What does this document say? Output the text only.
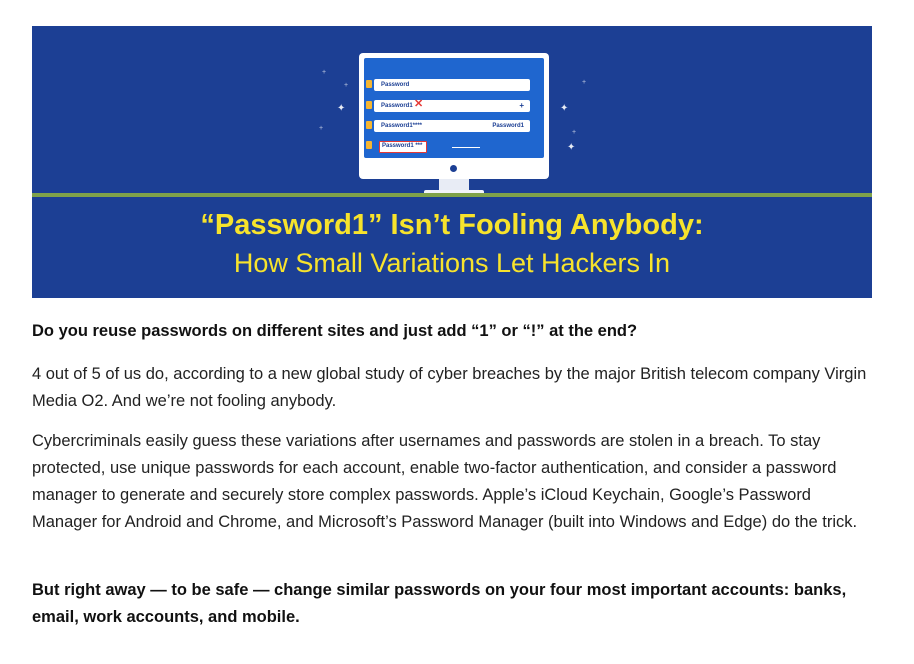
✦
+
+
+
✦
+
+
✦
Password
Password1 ✕	+
Password1****	Password1
Password1 ***
“Password1” Isn’t Fooling Anybody:
How Small Variations Let Hackers In

Do you reuse passwords on different sites and just add “1” or “!” at the end?

4 out of 5 of us do, according to a new global study of cyber breaches by the major British telecom company Virgin Media O2. And we’re not fooling anybody.

Cybercriminals easily guess these variations after usernames and passwords are stolen in a breach. To stay protected, use unique passwords for each account, enable two-factor authentication, and consider a password manager to generate and securely store complex passwords. Apple’s iCloud Keychain, Google’s Password Manager for Android and Chrome, and Microsoft’s Password Manager (built into Windows and Edge) do the trick.

But right away — to be safe — change similar passwords on your four most important accounts: banks, email, work accounts, and mobile.
